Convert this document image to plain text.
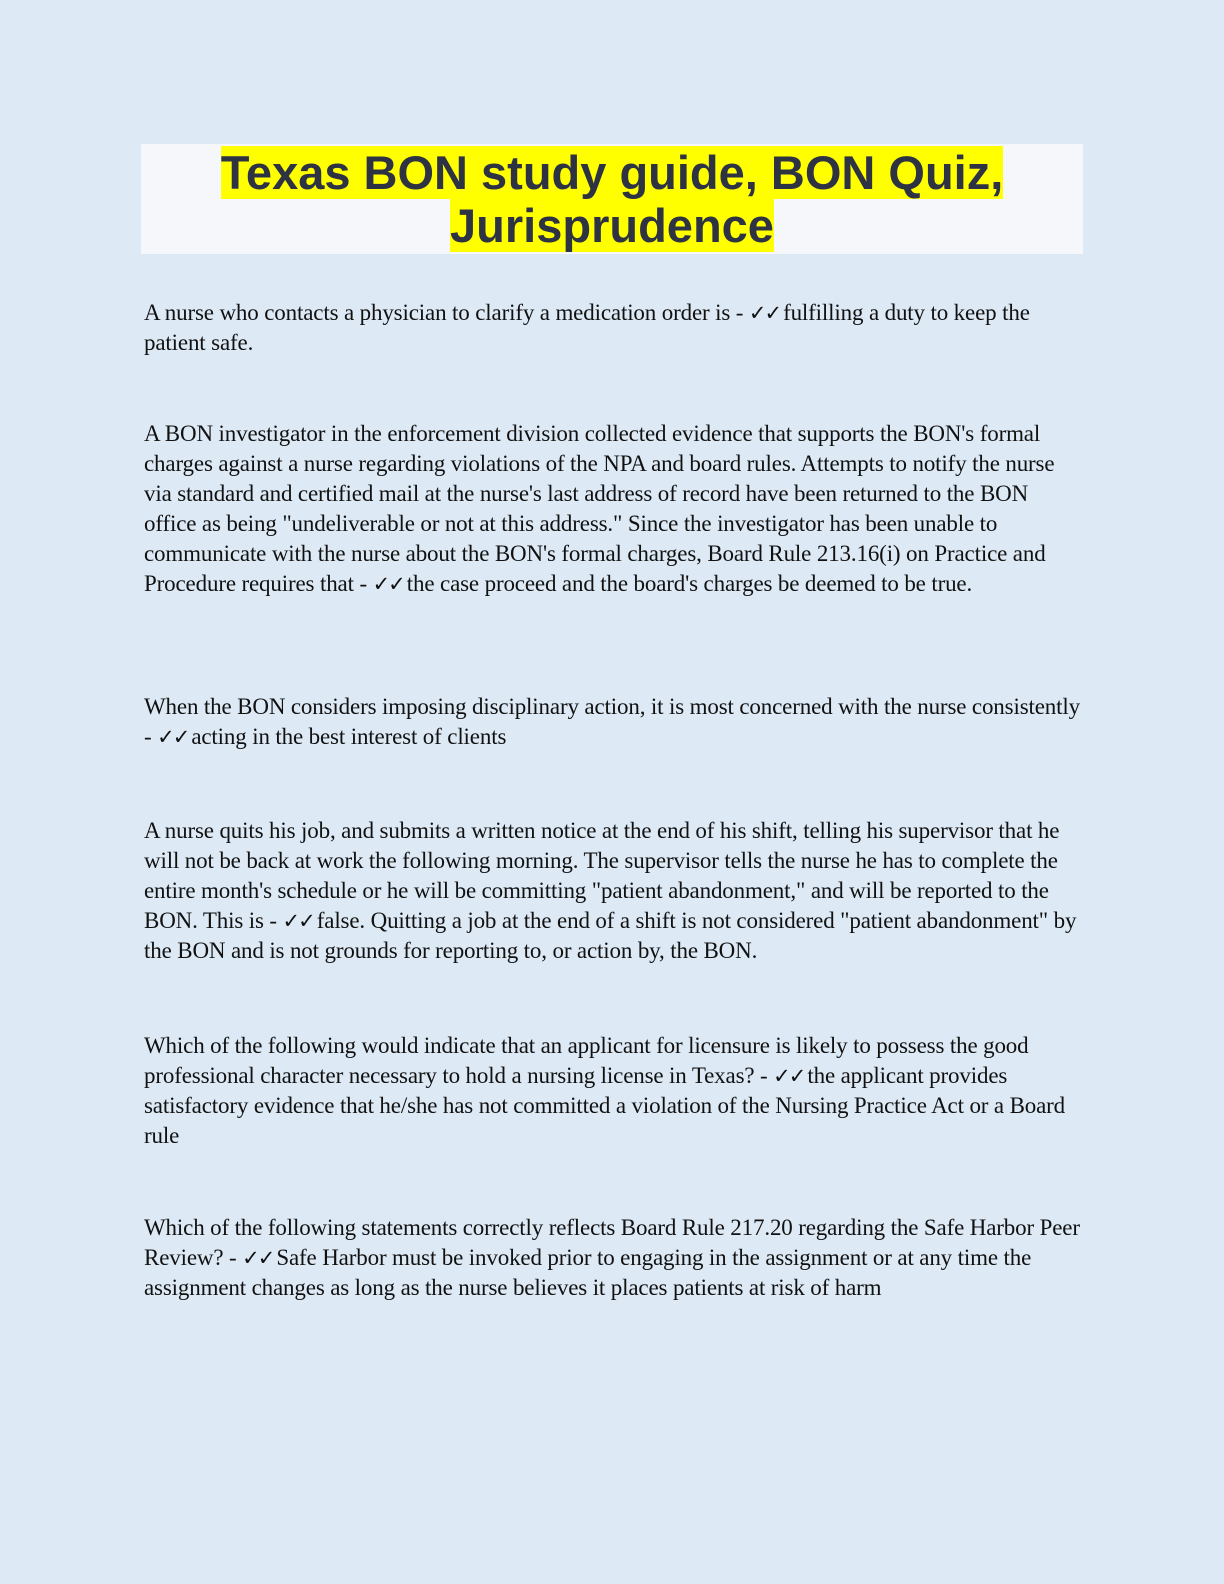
Texas BON study guide, BON Quiz, Jurisprudence

A nurse who contacts a physician to clarify a medication order is - ✓✓ fulfilling a duty to keep the patient safe.

A BON investigator in the enforcement division collected evidence that supports the BON's formal charges against a nurse regarding violations of the NPA and board rules. Attempts to notify the nurse via standard and certified mail at the nurse's last address of record have been returned to the BON office as being "undeliverable or not at this address." Since the investigator has been unable to communicate with the nurse about the BON's formal charges, Board Rule 213.16(i) on Practice and Procedure requires that - ✓✓ the case proceed and the board's charges be deemed to be true.

When the BON considers imposing disciplinary action, it is most concerned with the nurse consistently - ✓✓ acting in the best interest of clients

A nurse quits his job, and submits a written notice at the end of his shift, telling his supervisor that he will not be back at work the following morning. The supervisor tells the nurse he has to complete the entire month's schedule or he will be committing "patient abandonment," and will be reported to the BON. This is - ✓✓ false. Quitting a job at the end of a shift is not considered "patient abandonment" by the BON and is not grounds for reporting to, or action by, the BON.

Which of the following would indicate that an applicant for licensure is likely to possess the good professional character necessary to hold a nursing license in Texas? - ✓✓ the applicant provides satisfactory evidence that he/she has not committed a violation of the Nursing Practice Act or a Board rule

Which of the following statements correctly reflects Board Rule 217.20 regarding the Safe Harbor Peer Review? - ✓✓ Safe Harbor must be invoked prior to engaging in the assignment or at any time the assignment changes as long as the nurse believes it places patients at risk of harm
